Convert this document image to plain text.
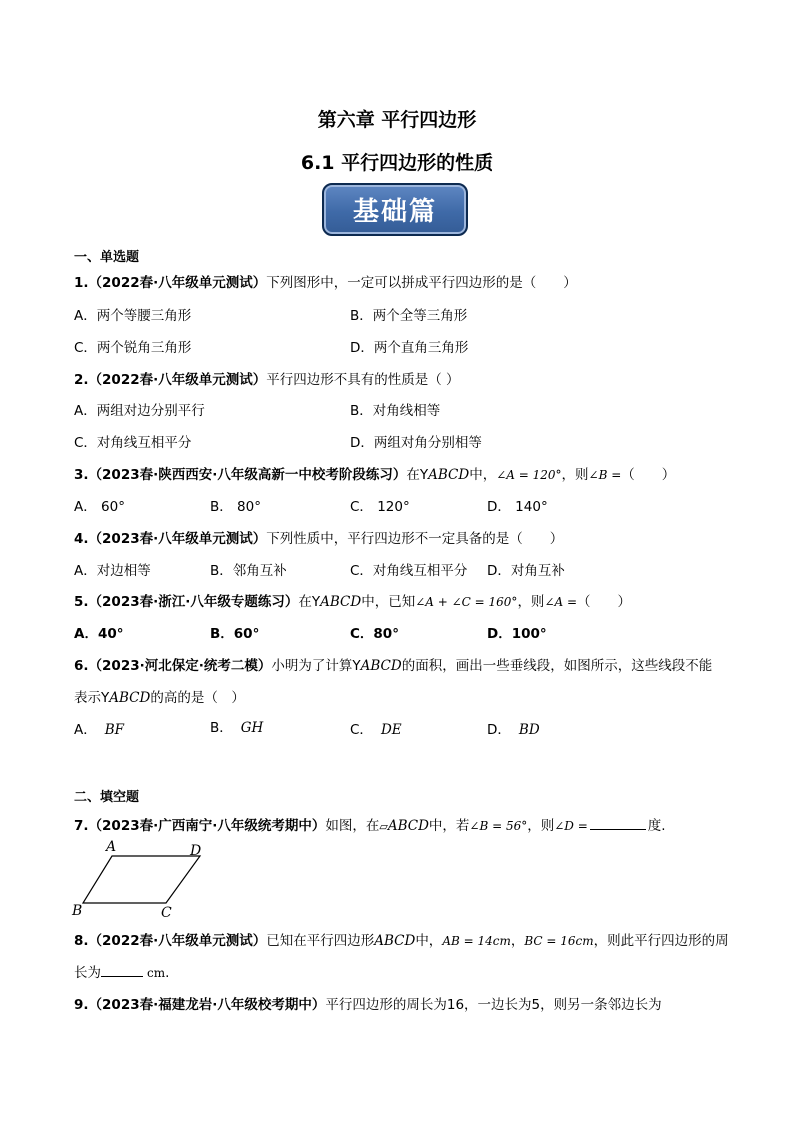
第六章 平行四边形
6.1 平行四边形的性质
基础篇
一、单选题
1.（2022春·八年级单元测试）下列图形中，一定可以拼成平行四边形的是（　　）
A．两个等腰三角形	B．两个全等三角形
C．两个锐角三角形	D．两个直角三角形
2.（2022春·八年级单元测试）平行四边形不具有的性质是（ ）
A．两组对边分别平行	B．对角线相等
C．对角线互相平分	D．两组对角分别相等
3.（2023春·陕西西安·八年级高新一中校考阶段练习）在YABCD中，∠A = 120°，则∠B =（　　）
A． 60°	B． 80°	C． 120°	D． 140°
4.（2023春·八年级单元测试）下列性质中，平行四边形不一定具备的是（　　）
A．对边相等	B．邻角互补	C．对角线互相平分 D．对角互补
5.（2023春·浙江·八年级专题练习）在YABCD中，已知∠A + ∠C = 160°，则∠A =（　　）
A．40°	B．60°	C．80°	D．100°
6.（2023·河北保定·统考二模）小明为了计算YABCD的面积，画出一些垂线段，如图所示，这些线段不能
表示YABCD的高的是（　）
A． BF	B． GH	C． DE	D． BD
二、填空题
7.（2023春·广西南宁·八年级统考期中）如图，在▱ABCD中，若∠B = 56°，则∠D =	度.
A	D
B	C
8.（2022春·八年级单元测试）已知在平行四边形ABCD中，AB = 14cm，BC = 16cm，则此平行四边形的周
长为	cm.
9.（2023春·福建龙岩·八年级校考期中）平行四边形的周长为16，一边长为5，则另一条邻边长为
